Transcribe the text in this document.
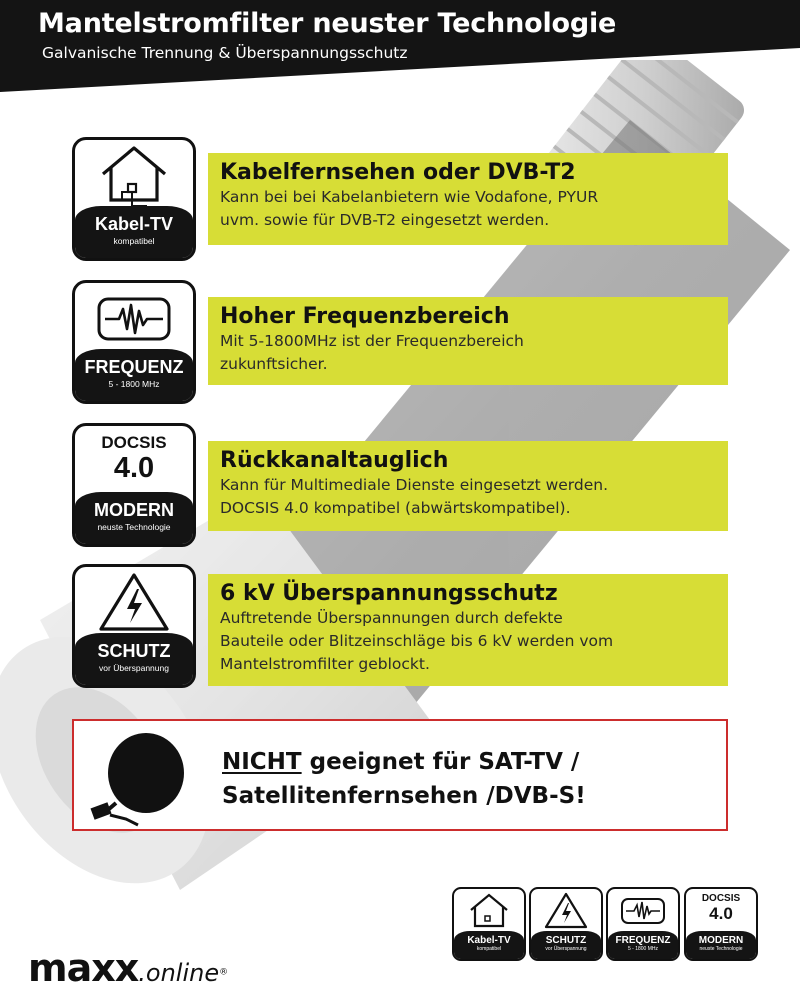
Mantelstromfilter neuster Technologie
Galvanische Trennung & Überspannungsschutz
Kabel-TV
kompatibel
Kabelfernsehen oder DVB-T2
Kann bei bei Kabelanbietern wie Vodafone, PYUR
uvm. sowie für DVB-T2 eingesetzt werden.
FREQUENZ
5 - 1800 MHz
Hoher Frequenzbereich
Mit 5-1800MHz ist der Frequenzbereich
zukunftsicher.
DOCSIS
4.0
MODERN
neuste Technologie
Rückkanaltauglich
Kann für Multimediale Dienste eingesetzt werden.
DOCSIS 4.0 kompatibel (abwärtskompatibel).
SCHUTZ
vor Überspannung
6 kV Überspannungsschutz
Auftretende Überspannungen durch defekte
Bauteile oder Blitzeinschläge bis 6 kV werden vom
Mantelstromfilter geblockt.
NICHT geeignet für SAT-TV /
Satellitenfernsehen /DVB-S!
maxx.online®
Kabel-TV
kompatibel
SCHUTZ
vor Überspannung
FREQUENZ
5 - 1800 MHz
DOCSIS
4.0
MODERN
neuste Technologie
